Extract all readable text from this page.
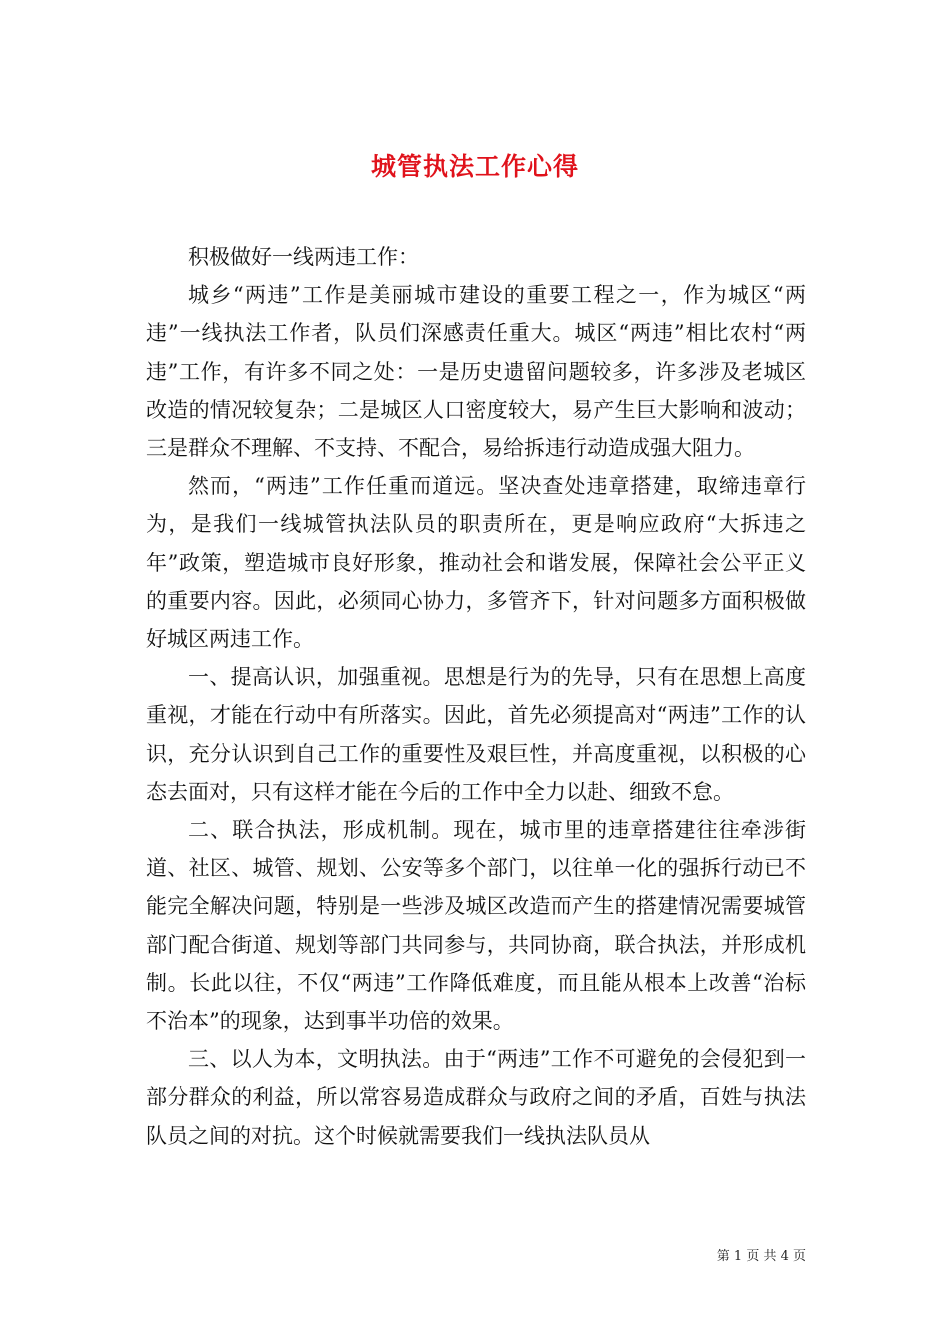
城管执法工作心得

积极做好一线两违工作：

城乡“两违”工作是美丽城市建设的重要工程之一，作为城区“两违”一线执法工作者，队员们深感责任重大。城区“两违”相比农村“两违”工作，有许多不同之处：一是历史遗留问题较多，许多涉及老城区改造的情况较复杂；二是城区人口密度较大，易产生巨大影响和波动；三是群众不理解、不支持、不配合，易给拆违行动造成强大阻力。

然而，“两违”工作任重而道远。坚决查处违章搭建，取缔违章行为，是我们一线城管执法队员的职责所在，更是响应政府“大拆违之年”政策，塑造城市良好形象，推动社会和谐发展，保障社会公平正义的重要内容。因此，必须同心协力，多管齐下，针对问题多方面积极做好城区两违工作。

一、提高认识，加强重视。思想是行为的先导，只有在思想上高度重视，才能在行动中有所落实。因此，首先必须提高对“两违”工作的认识，充分认识到自己工作的重要性及艰巨性，并高度重视，以积极的心态去面对，只有这样才能在今后的工作中全力以赴、细致不怠。

二、联合执法，形成机制。现在，城市里的违章搭建往往牵涉街道、社区、城管、规划、公安等多个部门，以往单一化的强拆行动已不能完全解决问题，特别是一些涉及城区改造而产生的搭建情况需要城管部门配合街道、规划等部门共同参与，共同协商，联合执法，并形成机制。长此以往，不仅“两违”工作降低难度，而且能从根本上改善“治标不治本”的现象，达到事半功倍的效果。

三、以人为本，文明执法。由于“两违”工作不可避免的会侵犯到一部分群众的利益，所以常容易造成群众与政府之间的矛盾，百姓与执法队员之间的对抗。这个时候就需要我们一线执法队员从

第 1 页 共 4 页
